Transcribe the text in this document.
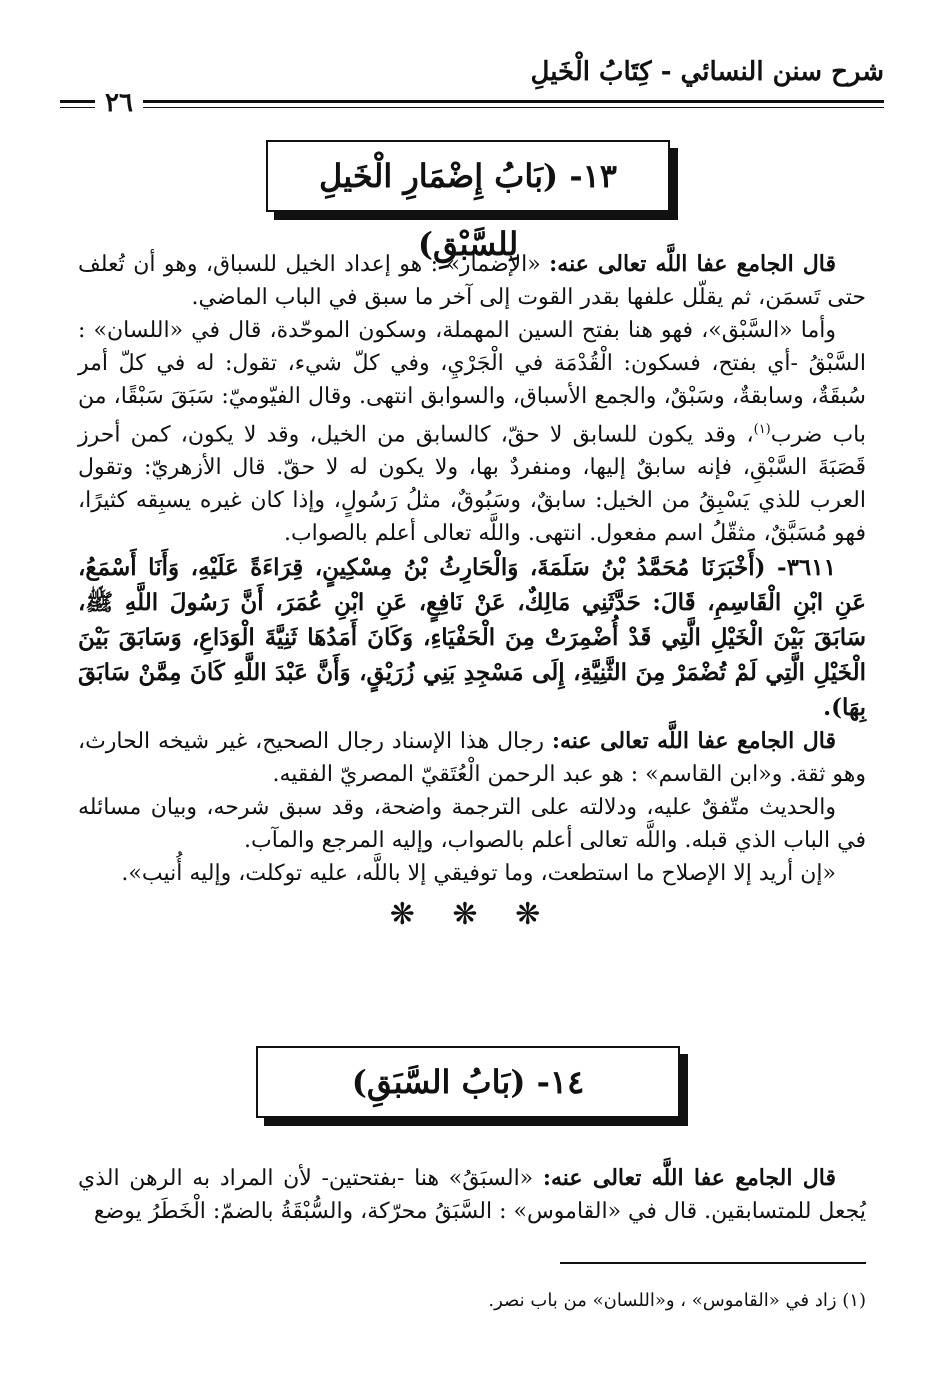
شرح سنن النسائي - كِتَابُ الْخَيلِ
٢٦
١٣- (بَابُ إِضْمَارِ الْخَيلِ لِلسَّبْقِ)

قال الجامع عفا اللَّه تعالى عنه: «الإضمار» : هو إعداد الخيل للسباق، وهو أن تُعلف حتى تَسمَن، ثم يقلّل علفها بقدر القوت إلى آخر ما سبق في الباب الماضي.

وأما «السَّبْق»، فهو هنا بفتح السين المهملة، وسكون الموحّدة، قال في «اللسان» : السَّبْقُ -أي بفتح، فسكون: الْقُدْمَة في الْجَرْيِ، وفي كلّ شيء، تقول: له في كلّ أمر سُبقَةٌ، وسابقةٌ، وسَبْقٌ، والجمع الأسباق، والسوابق انتهى. وقال الفيّوميّ: سَبَقَ سَبْقًا، من باب ضرب$^{(١)}$، وقد يكون للسابق لا حقّ، كالسابق من الخيل، وقد لا يكون، كمن أحرز قَصَبَةَ السَّبْقِ، فإنه سابقٌ إليها، ومنفردٌ بها، ولا يكون له لا حقّ. قال الأزهريّ: وتقول العرب للذي يَسْبِقُ من الخيل: سابقٌ، وسَبُوقٌ، مثلُ رَسُولٍ، وإذا كان غيره يسبِقه كثيرًا، فهو مُسَبَّقٌ، مثقّلُ اسم مفعول. انتهى. واللَّه تعالى أعلم بالصواب.

٣٦١١- (أَخْبَرَنَا مُحَمَّدُ بْنُ سَلَمَةَ، وَالْحَارِثُ بْنُ مِسْكِينٍ، قِرَاءَةً عَلَيْهِ، وَأَنَا أَسْمَعُ، عَنِ ابْنِ الْقَاسِمِ، قَالَ: حَدَّثَنِي مَالِكٌ، عَنْ نَافِعٍ، عَنِ ابْنِ عُمَرَ، أَنَّ رَسُولَ اللَّهِ ﷺ، سَابَقَ بَيْنَ الْخَيْلِ الَّتِي قَدْ أُضْمِرَتْ مِنَ الْحَفْيَاءِ، وَكَانَ أَمَدُهَا ثَنِيَّةَ الْوَدَاعِ، وَسَابَقَ بَيْنَ الْخَيْلِ الَّتِي لَمْ تُضْمَرْ مِنَ الثَّنِيَّةِ، إِلَى مَسْجِدِ بَنِي زُرَيْقٍ، وَأَنَّ عَبْدَ اللَّهِ كَانَ مِمَّنْ سَابَقَ بِهَا).

قال الجامع عفا اللَّه تعالى عنه: رجال هذا الإسناد رجال الصحيح، غير شيخه الحارث، وهو ثقة. و«ابن القاسم» : هو عبد الرحمن الْعُتَقيّ المصريّ الفقيه.

والحديث متّفقٌ عليه، ودلالته على الترجمة واضحة، وقد سبق شرحه، وبيان مسائله في الباب الذي قبله. واللَّه تعالى أعلم بالصواب، وإليه المرجع والمآب.

«إن أريد إلا الإصلاح ما استطعت، وما توفيقي إلا باللَّه، عليه توكلت، وإليه أُنيب».

❋ ❋ ❋
١٤- (بَابُ السَّبَقِ)

قال الجامع عفا اللَّه تعالى عنه: «السبَقُ» هنا -بفتحتين- لأن المراد به الرهن الذي يُجعل للمتسابقين. قال في «القاموس» : السَّبَقُ محرّكة، والسُّبْقَةُ بالضمّ: الْخَطَرُ يوضع

(١) زاد في «القاموس» ، و«اللسان» من باب نصر.
